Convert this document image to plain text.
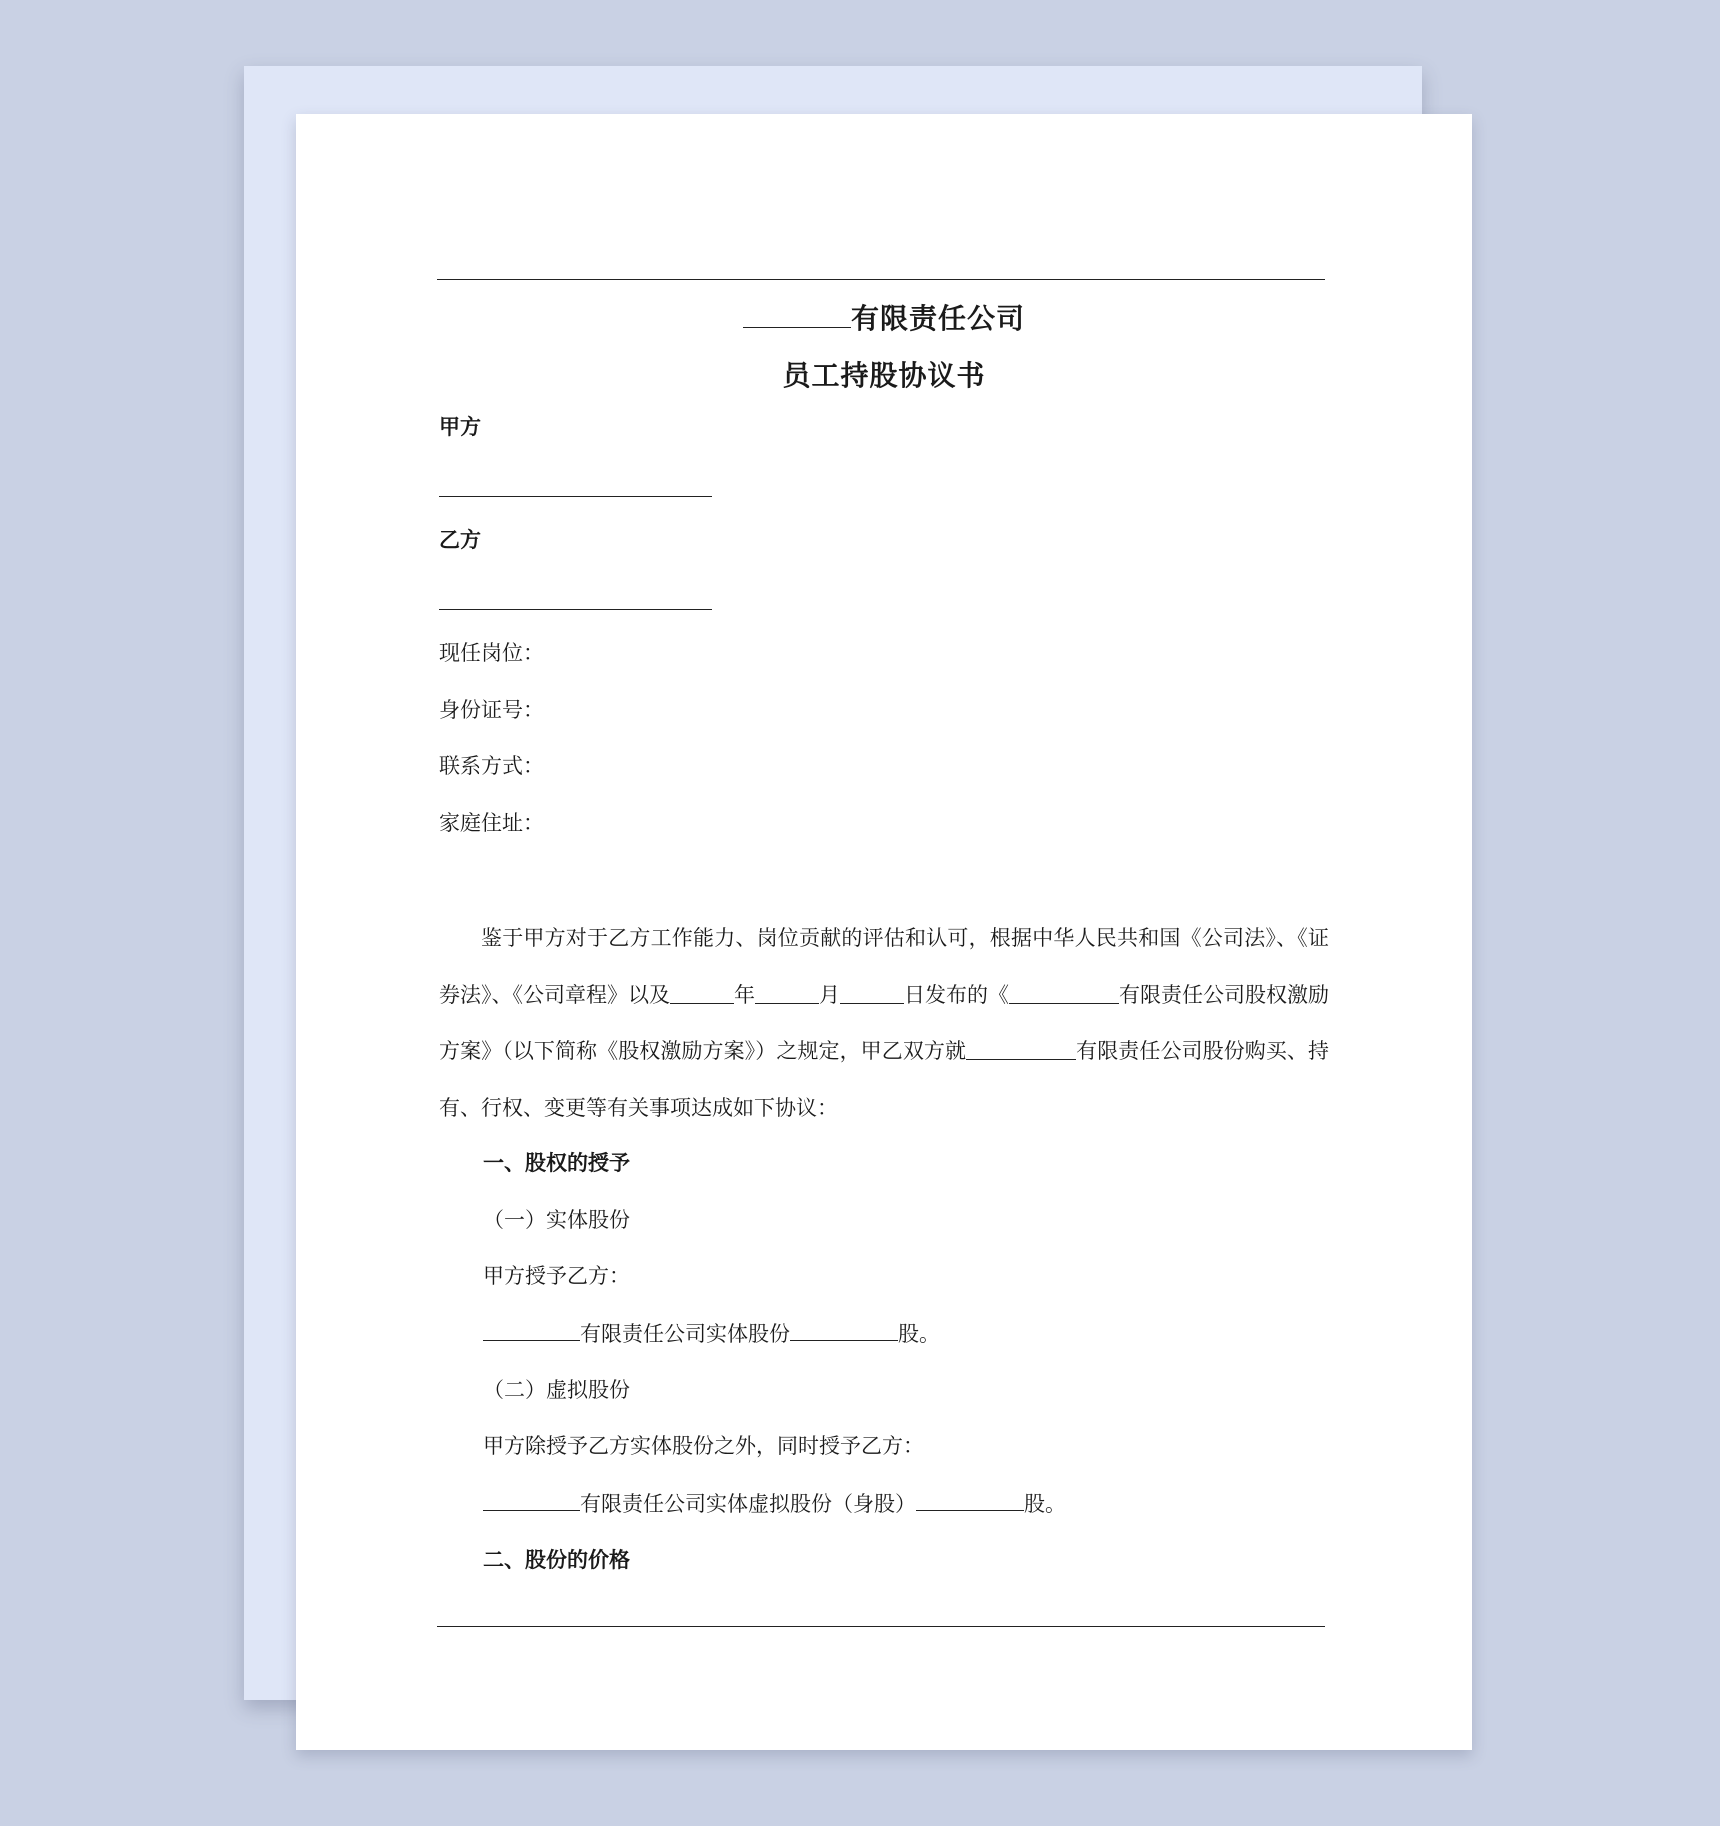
有限责任公司
员工持股协议书
甲方
乙方
现任岗位：
身份证号：
联系方式：
家庭住址：
鉴于甲方对于乙方工作能力、岗位贡献的评估和认可，根据中华人民共和国《公司法》、《证券法》、《公司章程》以及	年	月	日发布的《	有限责任公司股权激励方案》（以下简称《股权激励方案》）之规定，甲乙双方就	有限责任公司股份购买、持有、行权、变更等有关事项达成如下协议：
一、股权的授予
（一）实体股份
甲方授予乙方：
有限责任公司实体股份	股。
（二）虚拟股份
甲方除授予乙方实体股份之外，同时授予乙方：
有限责任公司实体虚拟股份（身股）	股。
二、股份的价格
